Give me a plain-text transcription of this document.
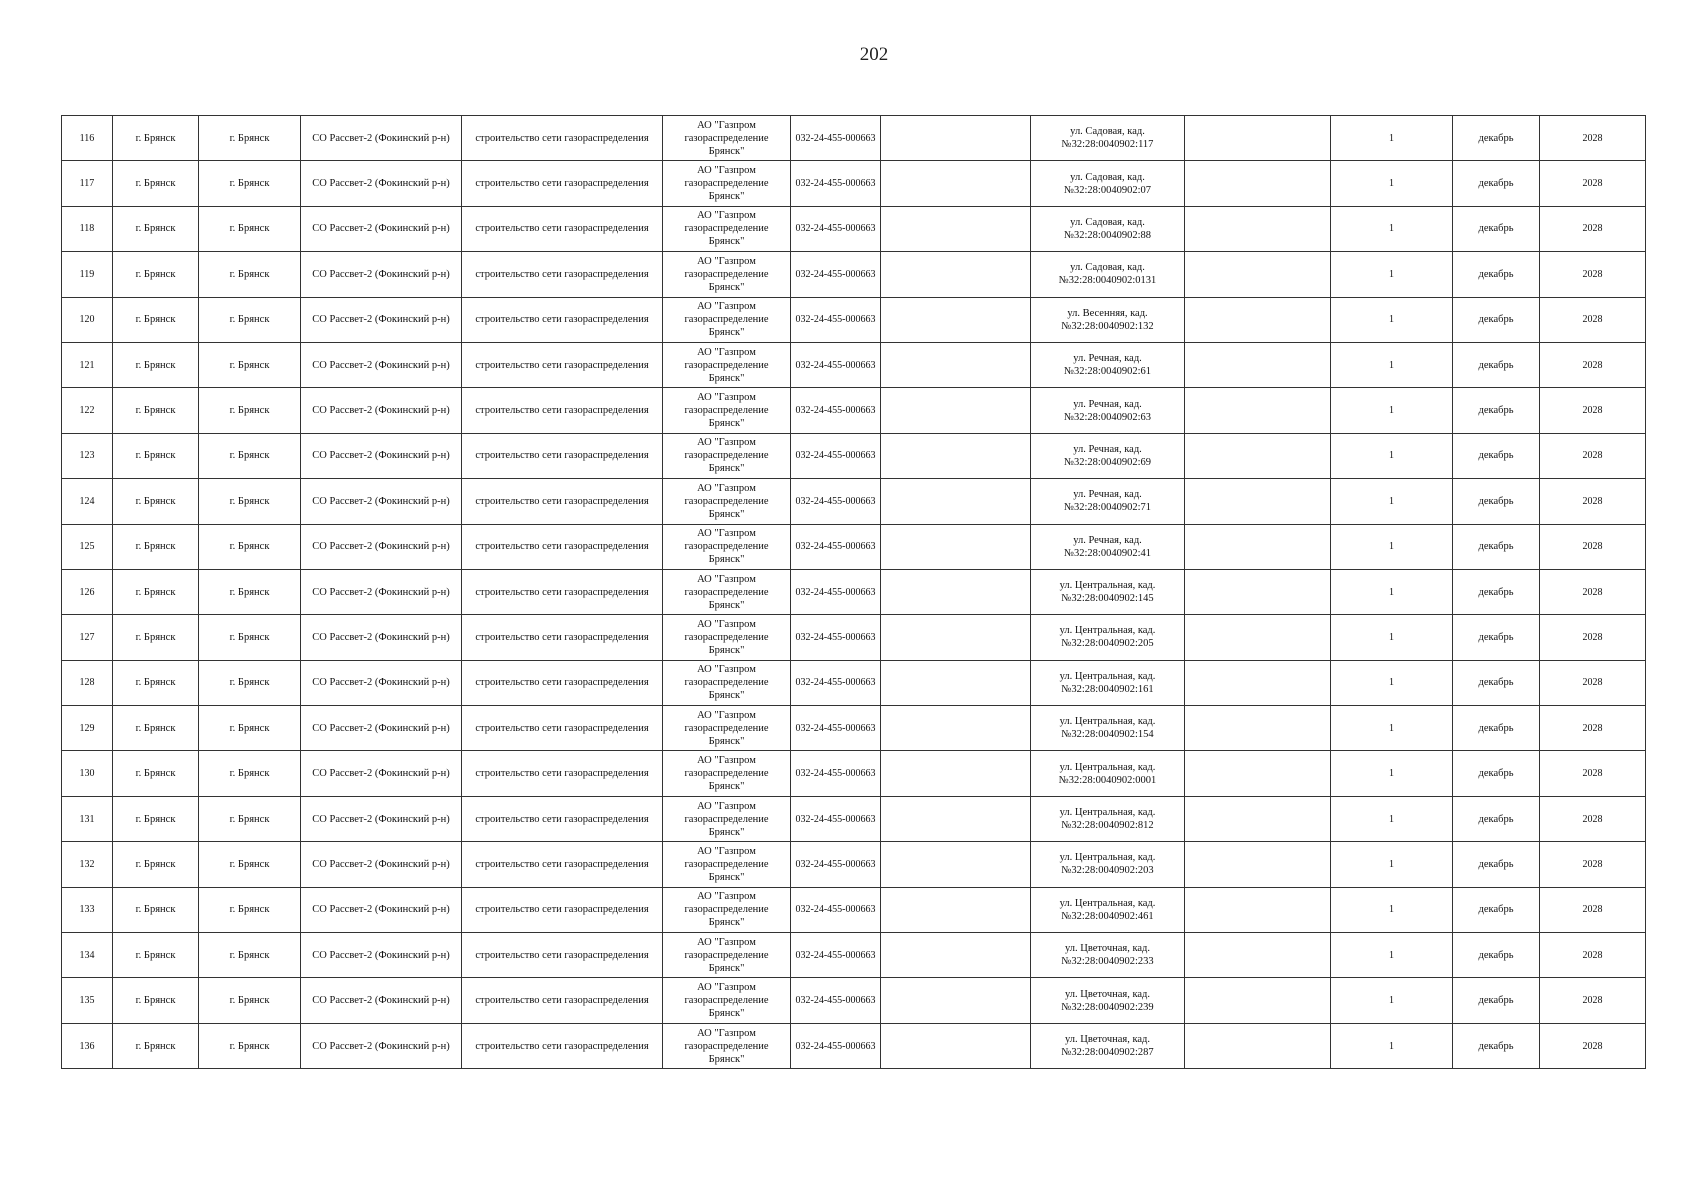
202
116	г. Брянск	г. Брянск	СО Рассвет-2 (Фокинский р-н)	строительство сети газораспределения	АО "Газпром газораспределение Брянск"	032-24-455-000663		ул. Садовая, кад. №32:28:0040902:117		1	декабрь	2028
117	г. Брянск	г. Брянск	СО Рассвет-2 (Фокинский р-н)	строительство сети газораспределения	АО "Газпром газораспределение Брянск"	032-24-455-000663		ул. Садовая, кад. №32:28:0040902:07		1	декабрь	2028
118	г. Брянск	г. Брянск	СО Рассвет-2 (Фокинский р-н)	строительство сети газораспределения	АО "Газпром газораспределение Брянск"	032-24-455-000663		ул. Садовая, кад. №32:28:0040902:88		1	декабрь	2028
119	г. Брянск	г. Брянск	СО Рассвет-2 (Фокинский р-н)	строительство сети газораспределения	АО "Газпром газораспределение Брянск"	032-24-455-000663		ул. Садовая, кад. №32:28:0040902:0131		1	декабрь	2028
120	г. Брянск	г. Брянск	СО Рассвет-2 (Фокинский р-н)	строительство сети газораспределения	АО "Газпром газораспределение Брянск"	032-24-455-000663		ул. Весенняя, кад. №32:28:0040902:132		1	декабрь	2028
121	г. Брянск	г. Брянск	СО Рассвет-2 (Фокинский р-н)	строительство сети газораспределения	АО "Газпром газораспределение Брянск"	032-24-455-000663		ул. Речная, кад. №32:28:0040902:61		1	декабрь	2028
122	г. Брянск	г. Брянск	СО Рассвет-2 (Фокинский р-н)	строительство сети газораспределения	АО "Газпром газораспределение Брянск"	032-24-455-000663		ул. Речная, кад. №32:28:0040902:63		1	декабрь	2028
123	г. Брянск	г. Брянск	СО Рассвет-2 (Фокинский р-н)	строительство сети газораспределения	АО "Газпром газораспределение Брянск"	032-24-455-000663		ул. Речная, кад. №32:28:0040902:69		1	декабрь	2028
124	г. Брянск	г. Брянск	СО Рассвет-2 (Фокинский р-н)	строительство сети газораспределения	АО "Газпром газораспределение Брянск"	032-24-455-000663		ул. Речная, кад. №32:28:0040902:71		1	декабрь	2028
125	г. Брянск	г. Брянск	СО Рассвет-2 (Фокинский р-н)	строительство сети газораспределения	АО "Газпром газораспределение Брянск"	032-24-455-000663		ул. Речная, кад. №32:28:0040902:41		1	декабрь	2028
126	г. Брянск	г. Брянск	СО Рассвет-2 (Фокинский р-н)	строительство сети газораспределения	АО "Газпром газораспределение Брянск"	032-24-455-000663		ул. Центральная, кад. №32:28:0040902:145		1	декабрь	2028
127	г. Брянск	г. Брянск	СО Рассвет-2 (Фокинский р-н)	строительство сети газораспределения	АО "Газпром газораспределение Брянск"	032-24-455-000663		ул. Центральная, кад. №32:28:0040902:205		1	декабрь	2028
128	г. Брянск	г. Брянск	СО Рассвет-2 (Фокинский р-н)	строительство сети газораспределения	АО "Газпром газораспределение Брянск"	032-24-455-000663		ул. Центральная, кад. №32:28:0040902:161		1	декабрь	2028
129	г. Брянск	г. Брянск	СО Рассвет-2 (Фокинский р-н)	строительство сети газораспределения	АО "Газпром газораспределение Брянск"	032-24-455-000663		ул. Центральная, кад. №32:28:0040902:154		1	декабрь	2028
130	г. Брянск	г. Брянск	СО Рассвет-2 (Фокинский р-н)	строительство сети газораспределения	АО "Газпром газораспределение Брянск"	032-24-455-000663		ул. Центральная, кад. №32:28:0040902:0001		1	декабрь	2028
131	г. Брянск	г. Брянск	СО Рассвет-2 (Фокинский р-н)	строительство сети газораспределения	АО "Газпром газораспределение Брянск"	032-24-455-000663		ул. Центральная, кад. №32:28:0040902:812		1	декабрь	2028
132	г. Брянск	г. Брянск	СО Рассвет-2 (Фокинский р-н)	строительство сети газораспределения	АО "Газпром газораспределение Брянск"	032-24-455-000663		ул. Центральная, кад. №32:28:0040902:203		1	декабрь	2028
133	г. Брянск	г. Брянск	СО Рассвет-2 (Фокинский р-н)	строительство сети газораспределения	АО "Газпром газораспределение Брянск"	032-24-455-000663		ул. Центральная, кад. №32:28:0040902:461		1	декабрь	2028
134	г. Брянск	г. Брянск	СО Рассвет-2 (Фокинский р-н)	строительство сети газораспределения	АО "Газпром газораспределение Брянск"	032-24-455-000663		ул. Цветочная, кад. №32:28:0040902:233		1	декабрь	2028
135	г. Брянск	г. Брянск	СО Рассвет-2 (Фокинский р-н)	строительство сети газораспределения	АО "Газпром газораспределение Брянск"	032-24-455-000663		ул. Цветочная, кад. №32:28:0040902:239		1	декабрь	2028
136	г. Брянск	г. Брянск	СО Рассвет-2 (Фокинский р-н)	строительство сети газораспределения	АО "Газпром газораспределение Брянск"	032-24-455-000663		ул. Цветочная, кад. №32:28:0040902:287		1	декабрь	2028
